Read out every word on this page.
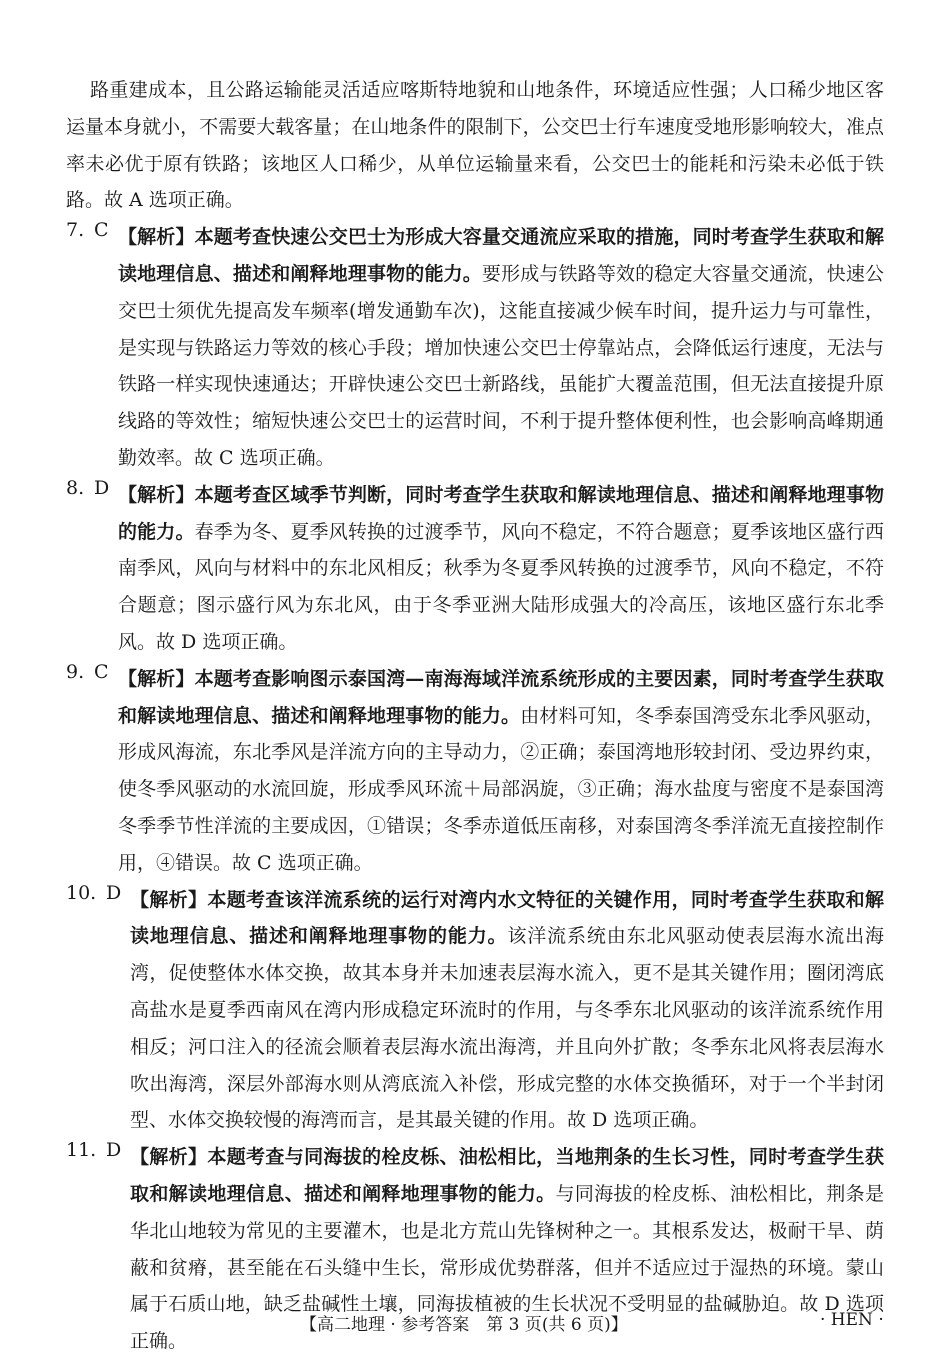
路重建成本，且公路运输能灵活适应喀斯特地貌和山地条件，环境适应性强；人口稀少地区客运量本身就小，不需要大载客量；在山地条件的限制下，公交巴士行车速度受地形影响较大，准点率未必优于原有铁路；该地区人口稀少，从单位运输量来看，公交巴士的能耗和污染未必低于铁路。故 A 选项正确。

7. C 【解析】本题考查快速公交巴士为形成大容量交通流应采取的措施，同时考查学生获取和解读地理信息、描述和阐释地理事物的能力。要形成与铁路等效的稳定大容量交通流，快速公交巴士须优先提高发车频率(增发通勤车次)，这能直接减少候车时间，提升运力与可靠性，是实现与铁路运力等效的核心手段；增加快速公交巴士停靠站点，会降低运行速度，无法与铁路一样实现快速通达；开辟快速公交巴士新路线，虽能扩大覆盖范围，但无法直接提升原线路的等效性；缩短快速公交巴士的运营时间，不利于提升整体便利性，也会影响高峰期通勤效率。故 C 选项正确。

8. D 【解析】本题考查区域季节判断，同时考查学生获取和解读地理信息、描述和阐释地理事物的能力。春季为冬、夏季风转换的过渡季节，风向不稳定，不符合题意；夏季该地区盛行西南季风，风向与材料中的东北风相反；秋季为冬夏季风转换的过渡季节，风向不稳定，不符合题意；图示盛行风为东北风，由于冬季亚洲大陆形成强大的冷高压，该地区盛行东北季风。故 D 选项正确。

9. C 【解析】本题考查影响图示泰国湾—南海海域洋流系统形成的主要因素，同时考查学生获取和解读地理信息、描述和阐释地理事物的能力。由材料可知，冬季泰国湾受东北季风驱动，形成风海流，东北季风是洋流方向的主导动力，②正确；泰国湾地形较封闭、受边界约束，使冬季风驱动的水流回旋，形成季风环流＋局部涡旋，③正确；海水盐度与密度不是泰国湾冬季季节性洋流的主要成因，①错误；冬季赤道低压南移，对泰国湾冬季洋流无直接控制作用，④错误。故 C 选项正确。

10. D 【解析】本题考查该洋流系统的运行对湾内水文特征的关键作用，同时考查学生获取和解读地理信息、描述和阐释地理事物的能力。该洋流系统由东北风驱动使表层海水流出海湾，促使整体水体交换，故其本身并未加速表层海水流入，更不是其关键作用；圈闭湾底高盐水是夏季西南风在湾内形成稳定环流时的作用，与冬季东北风驱动的该洋流系统作用相反；河口注入的径流会顺着表层海水流出海湾，并且向外扩散；冬季东北风将表层海水吹出海湾，深层外部海水则从湾底流入补偿，形成完整的水体交换循环，对于一个半封闭型、水体交换较慢的海湾而言，是其最关键的作用。故 D 选项正确。

11. D 【解析】本题考查与同海拔的栓皮栎、油松相比，当地荆条的生长习性，同时考查学生获取和解读地理信息、描述和阐释地理事物的能力。与同海拔的栓皮栎、油松相比，荆条是华北山地较为常见的主要灌木，也是北方荒山先锋树种之一。其根系发达，极耐干旱、荫蔽和贫瘠，甚至能在石头缝中生长，常形成优势群落，但并不适应过于湿热的环境。蒙山属于石质山地，缺乏盐碱性土壤，同海拔植被的生长状况不受明显的盐碱胁迫。故 D 选项正确。

【高二地理 · 参考答案　第 3 页(共 6 页)】	· HEN ·
